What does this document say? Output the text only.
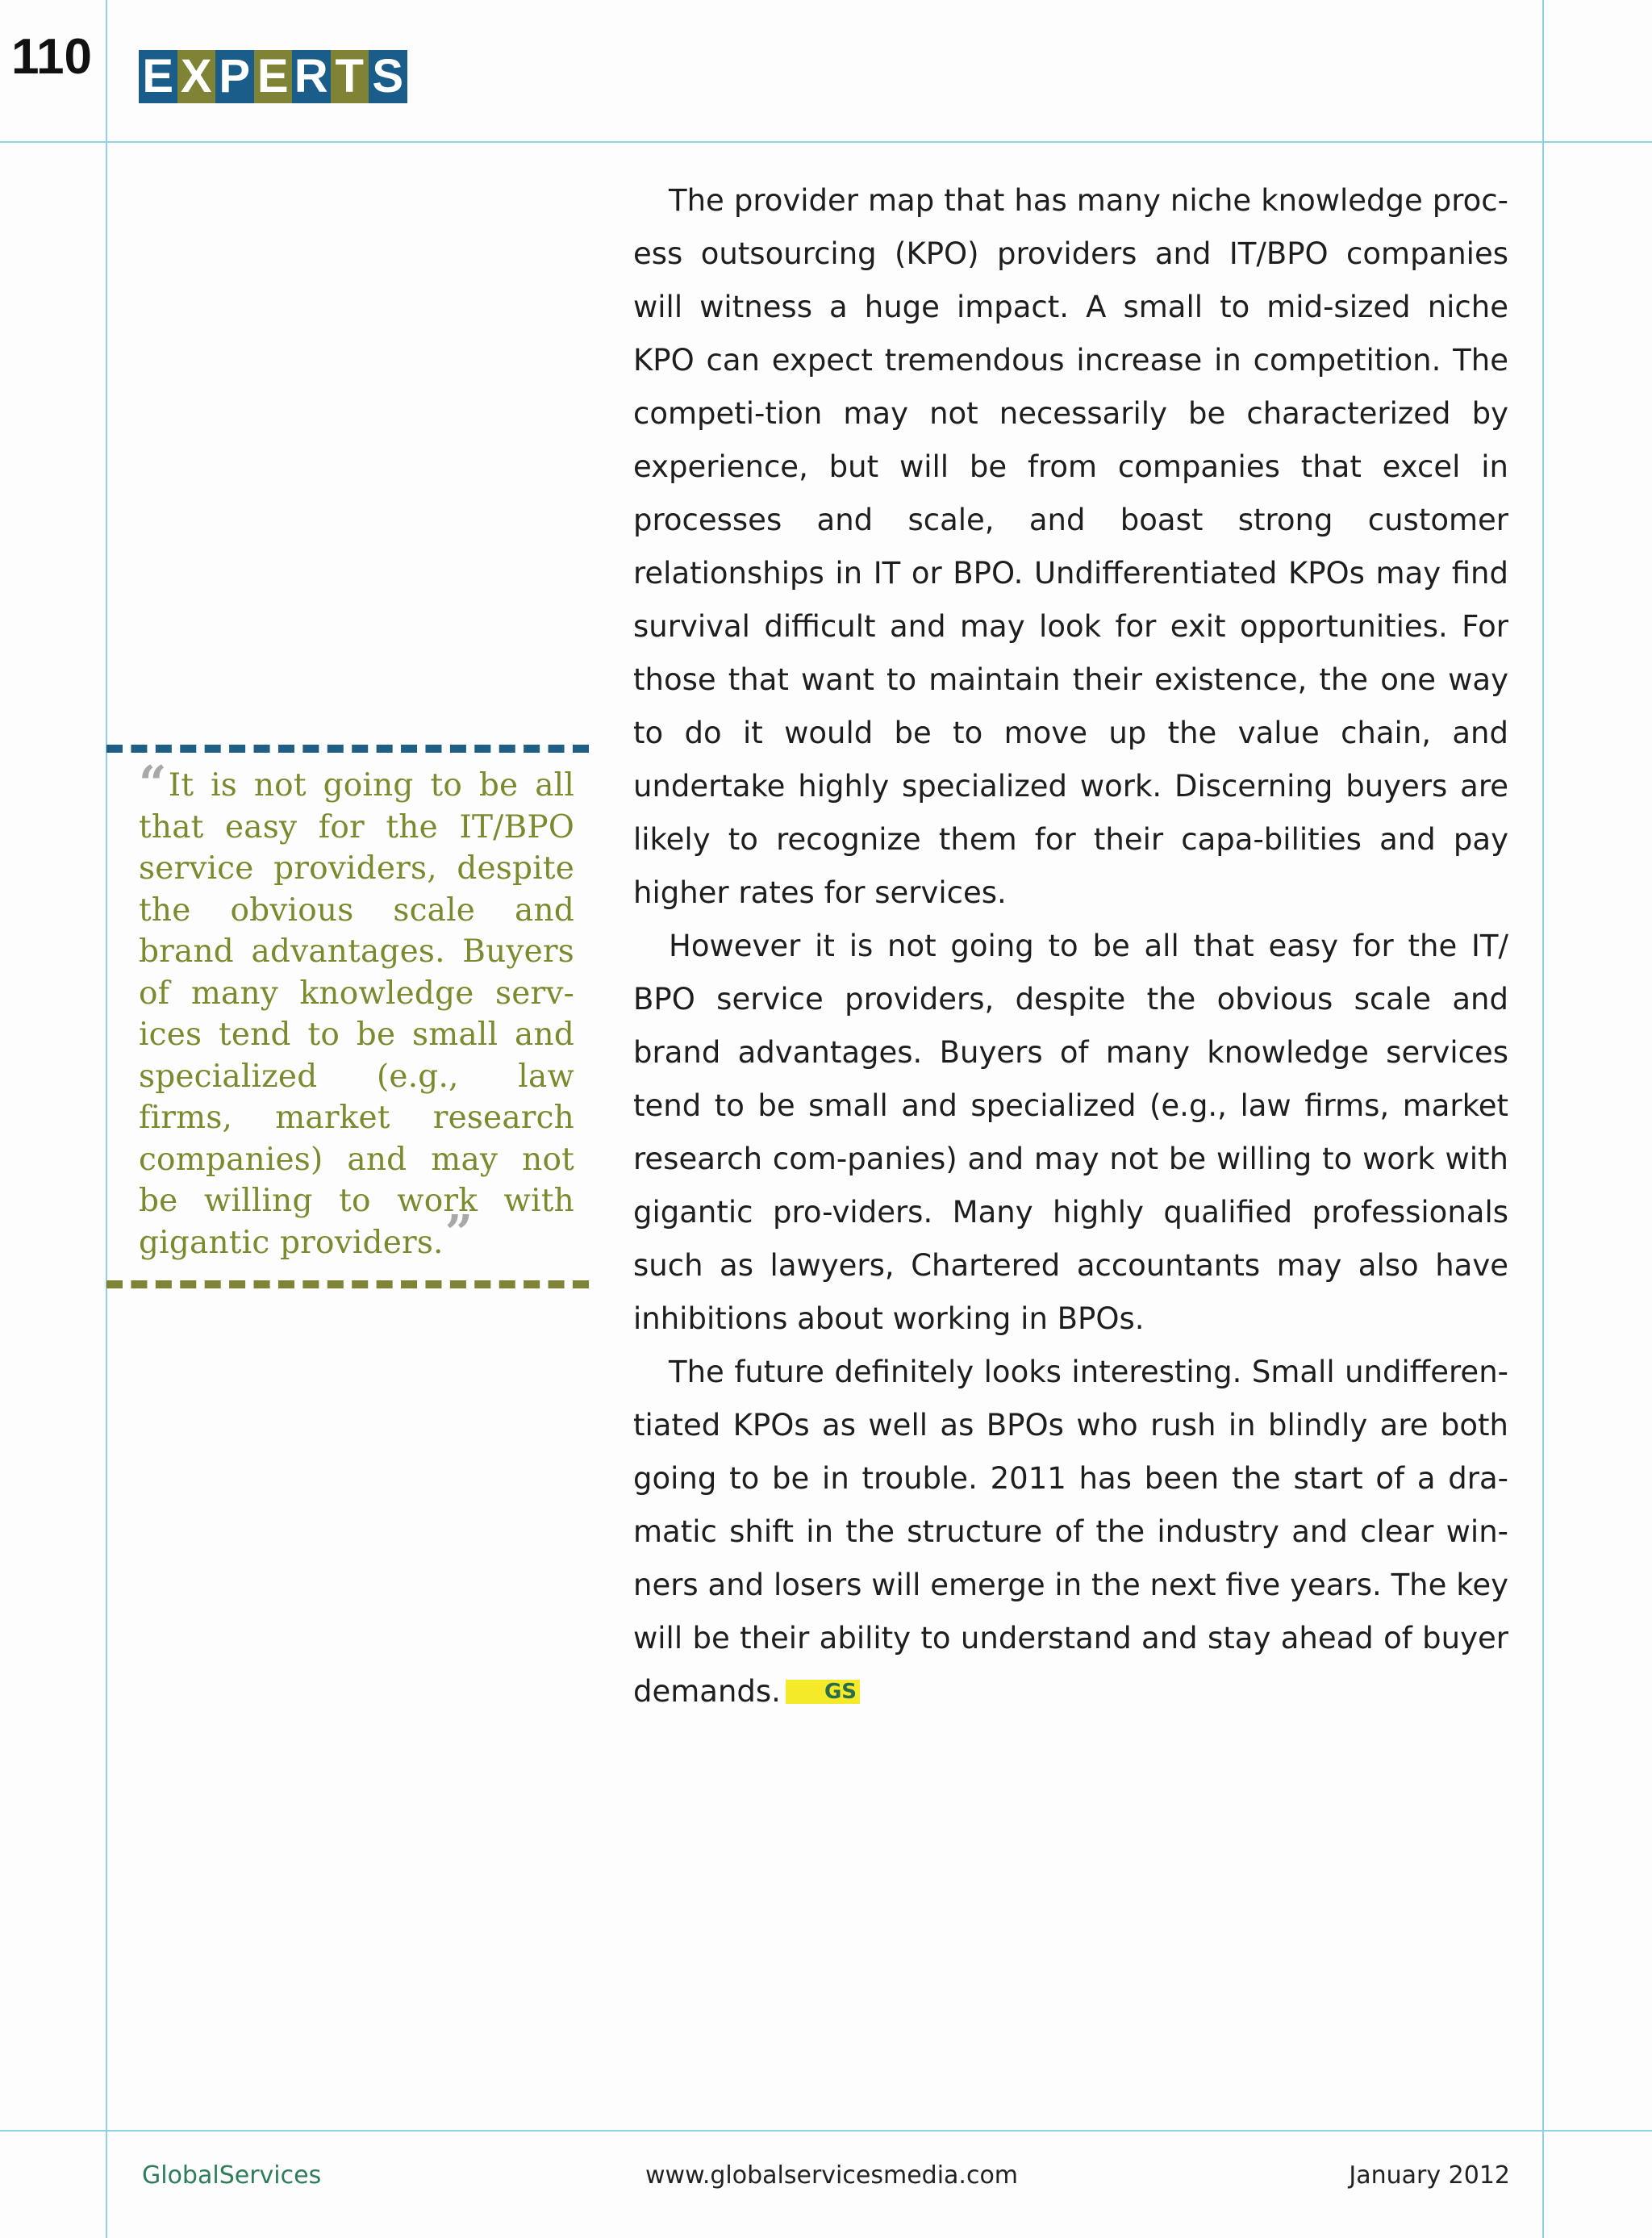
110 E X P E R T S
“It is not going to be all that easy for the IT/BPO service providers, despite the obvious scale and brand advantages. Buyers of many knowledge serv-ices tend to be small and specialized (e.g., law firms, market research companies) and may not be willing to work with gigantic providers.”

The provider map that has many niche knowledge proc-ess outsourcing (KPO) providers and IT/BPO companies will witness a huge impact. A small to mid-sized niche KPO can expect tremendous increase in competition. The competi-tion may not necessarily be characterized by experience, but will be from companies that excel in processes and scale, and boast strong customer relationships in IT or BPO. Undifferentiated KPOs may find survival difficult and may look for exit opportunities. For those that want to maintain their existence, the one way to do it would be to move up the value chain, and undertake highly specialized work. Discerning buyers are likely to recognize them for their capa-bilities and pay higher rates for services.

However it is not going to be all that easy for the IT/ BPO service providers, despite the obvious scale and brand advantages. Buyers of many knowledge services tend to be small and specialized (e.g., law firms, market research com-panies) and may not be willing to work with gigantic pro-viders. Many highly qualified professionals such as lawyers, Chartered accountants may also have inhibitions about working in BPOs.

The future definitely looks interesting. Small undifferen-tiated KPOs as well as BPOs who rush in blindly are both going to be in trouble. 2011 has been the start of a dra-matic shift in the structure of the industry and clear win-ners and losers will emerge in the next five years. The key will be their ability to understand and stay ahead of buyer demands. GS

GlobalServices	www.globalservicesmedia.com	January 2012
